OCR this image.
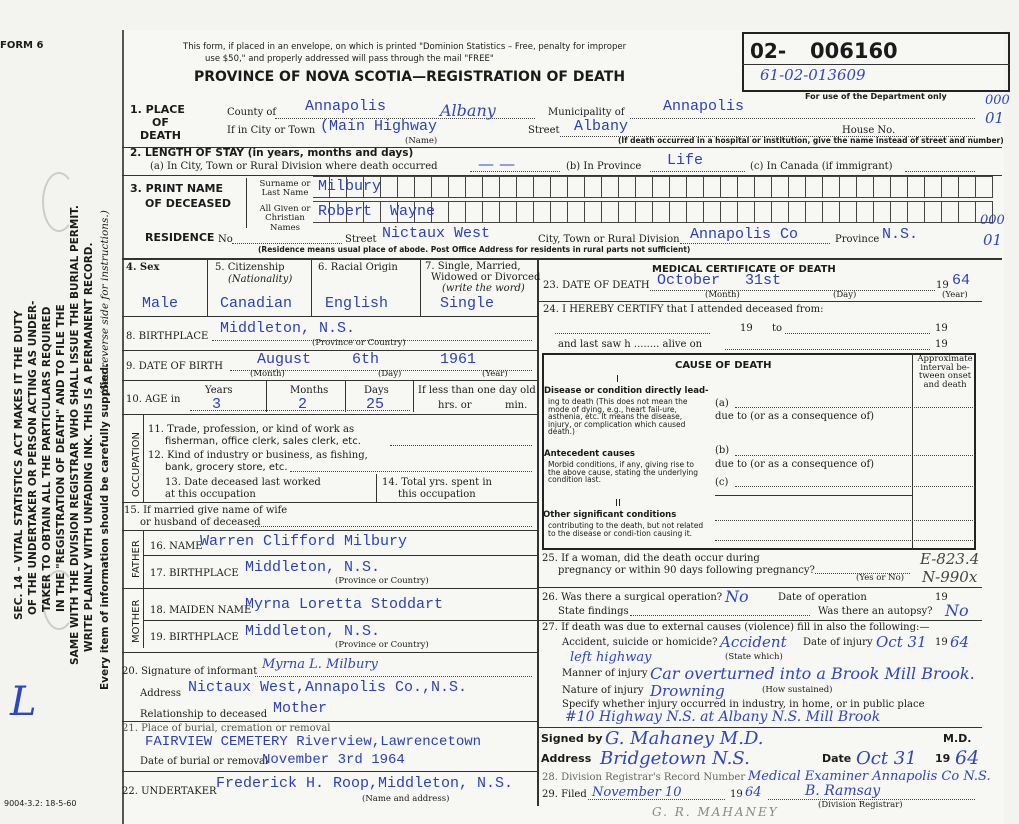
FORM 6
L
SEC. 14 – VITAL STATISTICS ACT MAKES IT THE DUTY OF THE UNDERTAKER OR PERSON ACTING AS UNDER- TAKER TO OBTAIN ALL THE PARTICULARS REQUIRED IN THE "REGISTRATION OF DEATH" AND TO FILE THE SAME WITH THE DIVISION REGISTRAR WHO SHALL ISSUE THE BURIAL PERMIT. WRITE PLAINLY WITH UNFADING INK. THIS IS A PERMANENT RECORD. Every item of information should be carefully supplied.
(See reverse side for instructions.)
9004-3.2: 18-5-60
This form, if placed in an envelope, on which is printed "Dominion Statistics – Free, penalty for improper
use $50," and properly addressed will pass through the mail "FREE"
PROVINCE OF NOVA SCOTIA—REGISTRATION OF DEATH
02- 006160
61-02-013609
For use of the Department only	000
01
000
01
1. PLACE
OF
DEATH
County of Annapolis	Albany	Municipality of	Annapolis
If in City or Town (Main Highway
(Name)
Street Albany	House No.
(If death occurred in a hospital or institution, give the name instead of street and number)
2. LENGTH OF STAY (in years, months and days)
(a) In City, Town or Rural Division where death occurred	— —	(b) In Province Life	(c) In Canada (if immigrant)
3. PRINT NAME
OF DECEASED
Surname or Last Name
All Given or Christian Names
Milbury
Robert  Wayne
RESIDENCE No	Street Nictaux West	City, Town or Rural Division Annapolis Co	Province N.S.
(Residence means usual place of abode. Post Office Address for residents in rural parts not sufficient)
4. Sex	5. Citizenship
(Nationality)
6. Racial Origin	7. Single, Married,
Widowed or Divorced
(write the word)
Male	Canadian English	Single
8. BIRTHPLACE Middleton, N.S.
(Province or Country)
9. DATE OF BIRTH August	6th	1961
(Month)	(Day)	(Year)
10. AGE in
Years	Months	Days	If less than one day old
3	2	25	hrs. or	min.
OCCUPATION
11. Trade, profession, or kind of work as
fisherman, office clerk, sales clerk, etc.
12. Kind of industry or business, as fishing,
bank, grocery store, etc.
13. Date deceased last worked
at this occupation
14. Total yrs. spent in
this occupation
15. If married give name of wife
or husband of deceased
FATHER 16. NAME
Warren Clifford Milbury
17. BIRTHPLACE Middleton, N.S.
(Province or Country)
MOTHER 18. MAIDEN NAME
Myrna Loretta Stoddart
19. BIRTHPLACE Middleton, N.S.
(Province or Country)
20. Signature of informant Myrna L. Milbury
Address Nictaux West,Annapolis Co.,N.S.
Relationship to deceased Mother
21. Place of burial, cremation or removal
FAIRVIEW CEMETERY Riverview,Lawrencetown
Date of burial or removal
November 3rd 1964
22. UNDERTAKER Frederick H. Roop,Middleton, N.S.
(Name and address)
MEDICAL CERTIFICATE OF DEATH
23. DATE OF DEATH October 31st	19 64
(Month)	(Day)	(Year)
24. I HEREBY CERTIFY that I attended deceased from:
19 to	19
and last saw h ........ alive on	19
CAUSE OF DEATH
Approximate interval be-tween onset and death
I
Disease or condition directly lead-
ing to death (This does not mean the mode of dying, e.g., heart fail-ure, asthenia, etc. It means the disease, injury, or complication which caused death.)
(a)
due to (or as a consequence of)
Antecedent causes
Morbid conditions, if any, giving rise to the above cause, stating the underlying condition last.
(b)
due to (or as a consequence of)
(c)
II
Other significant conditions
contributing to the death, but not related to the disease or condi-tion causing it.
25. If a woman, did the death occur during
pregnancy or within 90 days following pregnancy?
(Yes or No)
E-823.4
N-990x
26. Was there a surgical operation? No	Date of operation	19
State findings	Was there an autopsy? No
27. If death was due to external causes (violence) fill in also the following:—
Accident, suicide or homicide? Accident Date of injury Oct 31 19 64
left highway	(State which)
Manner of injury Car overturned into a Brook Mill Brook.
Nature of injury Drowning	(How sustained)
Specify whether injury occurred in industry, in home, or in public place
#10 Highway N.S. at Albany N.S. Mill Brook
Signed by G. Mahaney M.D.	M.D.
Address Bridgetown N.S.	Date Oct 31 19 64
28. Division Registrar's Record Number Medical Examiner Annapolis Co N.S.
29. Filed November 10	19 64	B. Ramsay
(Division Registrar)
G. R. MAHANEY
